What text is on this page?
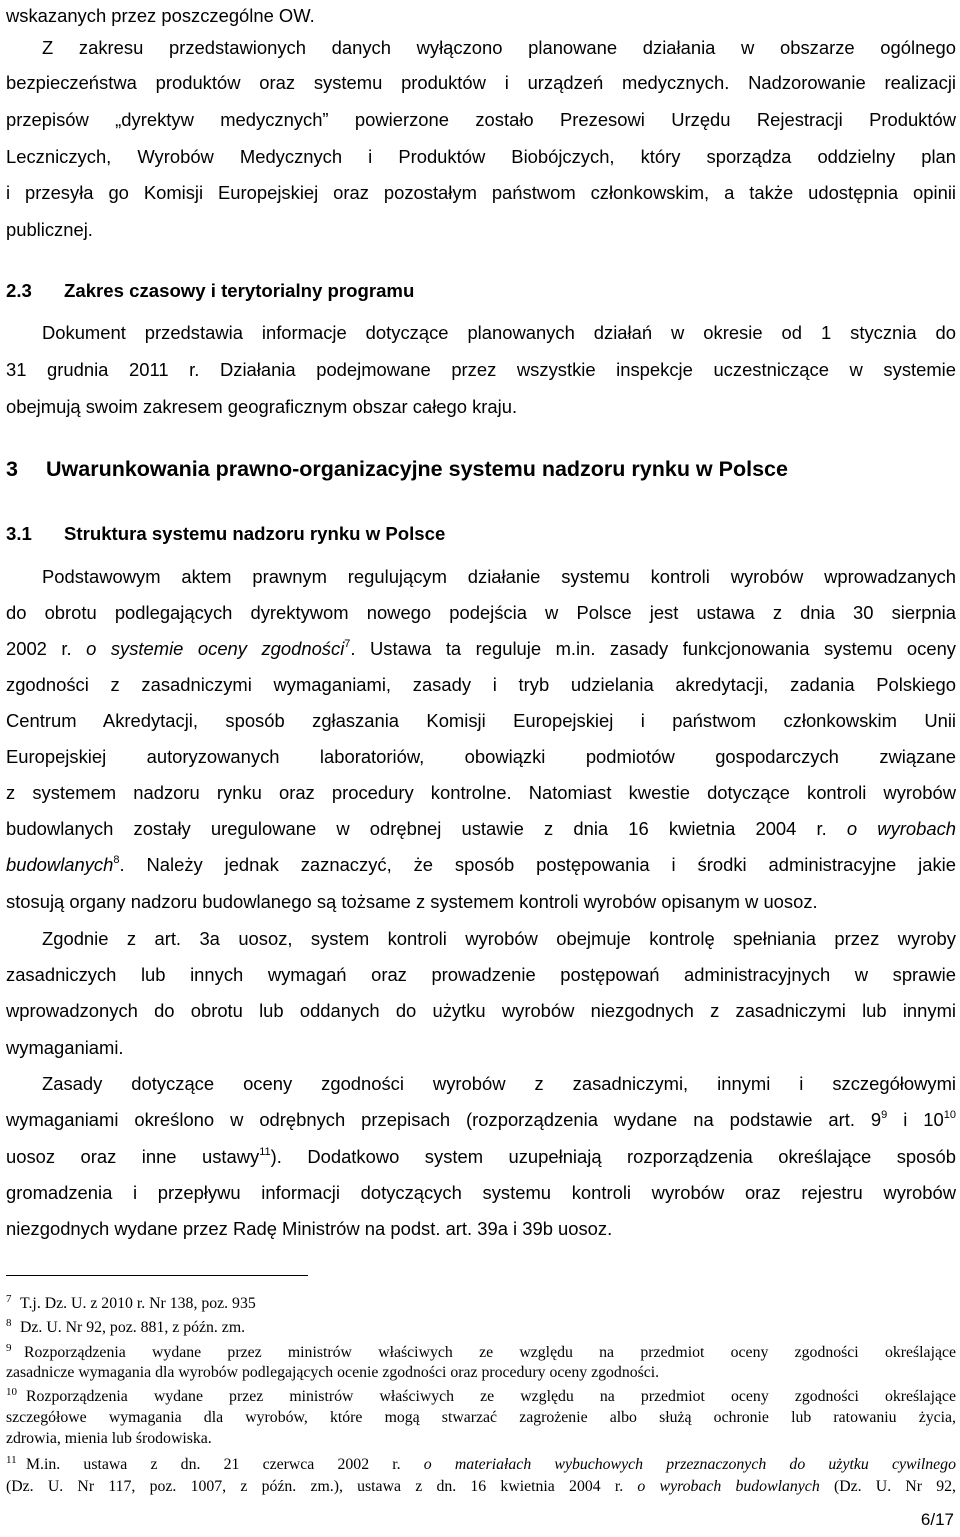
wskazanych przez poszczególne OW.
Z zakresu przedstawionych danych wyłączono planowane działania w obszarze ogólnego
bezpieczeństwa produktów oraz systemu produktów i urządzeń medycznych. Nadzorowanie realizacji
przepisów „dyrektyw medycznych” powierzone zostało Prezesowi Urzędu Rejestracji Produktów
Leczniczych, Wyrobów Medycznych i Produktów Biobójczych, który sporządza oddzielny plan
i przesyła go Komisji Europejskiej oraz pozostałym państwom członkowskim, a także udostępnia opinii
publicznej.
2.3 Zakres czasowy i terytorialny programu
Dokument przedstawia informacje dotyczące planowanych działań w okresie od 1 stycznia do
31 grudnia 2011 r. Działania podejmowane przez wszystkie inspekcje uczestniczące w systemie
obejmują swoim zakresem geograficznym obszar całego kraju.
3 Uwarunkowania prawno-organizacyjne systemu nadzoru rynku w Polsce
3.1 Struktura systemu nadzoru rynku w Polsce
Podstawowym aktem prawnym regulującym działanie systemu kontroli wyrobów wprowadzanych
do obrotu podlegających dyrektywom nowego podejścia w Polsce jest ustawa z dnia 30 sierpnia
2002 r. o systemie oceny zgodności$^7$. Ustawa ta reguluje m.in. zasady funkcjonowania systemu oceny
zgodności z zasadniczymi wymaganiami, zasady i tryb udzielania akredytacji, zadania Polskiego
Centrum Akredytacji, sposób zgłaszania Komisji Europejskiej i państwom członkowskim Unii
Europejskiej autoryzowanych laboratoriów, obowiązki podmiotów gospodarczych związane
z systemem nadzoru rynku oraz procedury kontrolne. Natomiast kwestie dotyczące kontroli wyrobów
budowlanych zostały uregulowane w odrębnej ustawie z dnia 16 kwietnia 2004 r. o wyrobach
budowlanych$^8$. Należy jednak zaznaczyć, że sposób postępowania i środki administracyjne jakie
stosują organy nadzoru budowlanego są tożsame z systemem kontroli wyrobów opisanym w uosoz.
Zgodnie z art. 3a uosoz, system kontroli wyrobów obejmuje kontrolę spełniania przez wyroby
zasadniczych lub innych wymagań oraz prowadzenie postępowań administracyjnych w sprawie
wprowadzonych do obrotu lub oddanych do użytku wyrobów niezgodnych z zasadniczymi lub innymi
wymaganiami.
Zasady dotyczące oceny zgodności wyrobów z zasadniczymi, innymi i szczegółowymi
wymaganiami określono w odrębnych przepisach (rozporządzenia wydane na podstawie art. $9^9$ i $10^{10}$
uosoz oraz inne ustawy$^{11}$). Dodatkowo system uzupełniają rozporządzenia określające sposób
gromadzenia i przepływu informacji dotyczących systemu kontroli wyrobów oraz rejestru wyrobów
niezgodnych wydane przez Radę Ministrów na podst. art. 39a i 39b uosoz.
7 T.j. Dz. U. z 2010 r. Nr 138, poz. 935
8 Dz. U. Nr 92, poz. 881, z późn. zm.
9 Rozporządzenia wydane przez ministrów właściwych ze względu na przedmiot oceny zgodności określające
zasadnicze wymagania dla wyrobów podlegających ocenie zgodności oraz procedury oceny zgodności.
10 Rozporządzenia wydane przez ministrów właściwych ze względu na przedmiot oceny zgodności określające
szczegółowe wymagania dla wyrobów, które mogą stwarzać zagrożenie albo służą ochronie lub ratowaniu życia,
zdrowia, mienia lub środowiska.
11 M.in. ustawa z dn. 21 czerwca 2002 r. o materiałach wybuchowych przeznaczonych do użytku cywilnego
(Dz. U. Nr 117, poz. 1007, z późn. zm.), ustawa z dn. 16 kwietnia 2004 r. o wyrobach budowlanych (Dz. U. Nr 92,
6/17
